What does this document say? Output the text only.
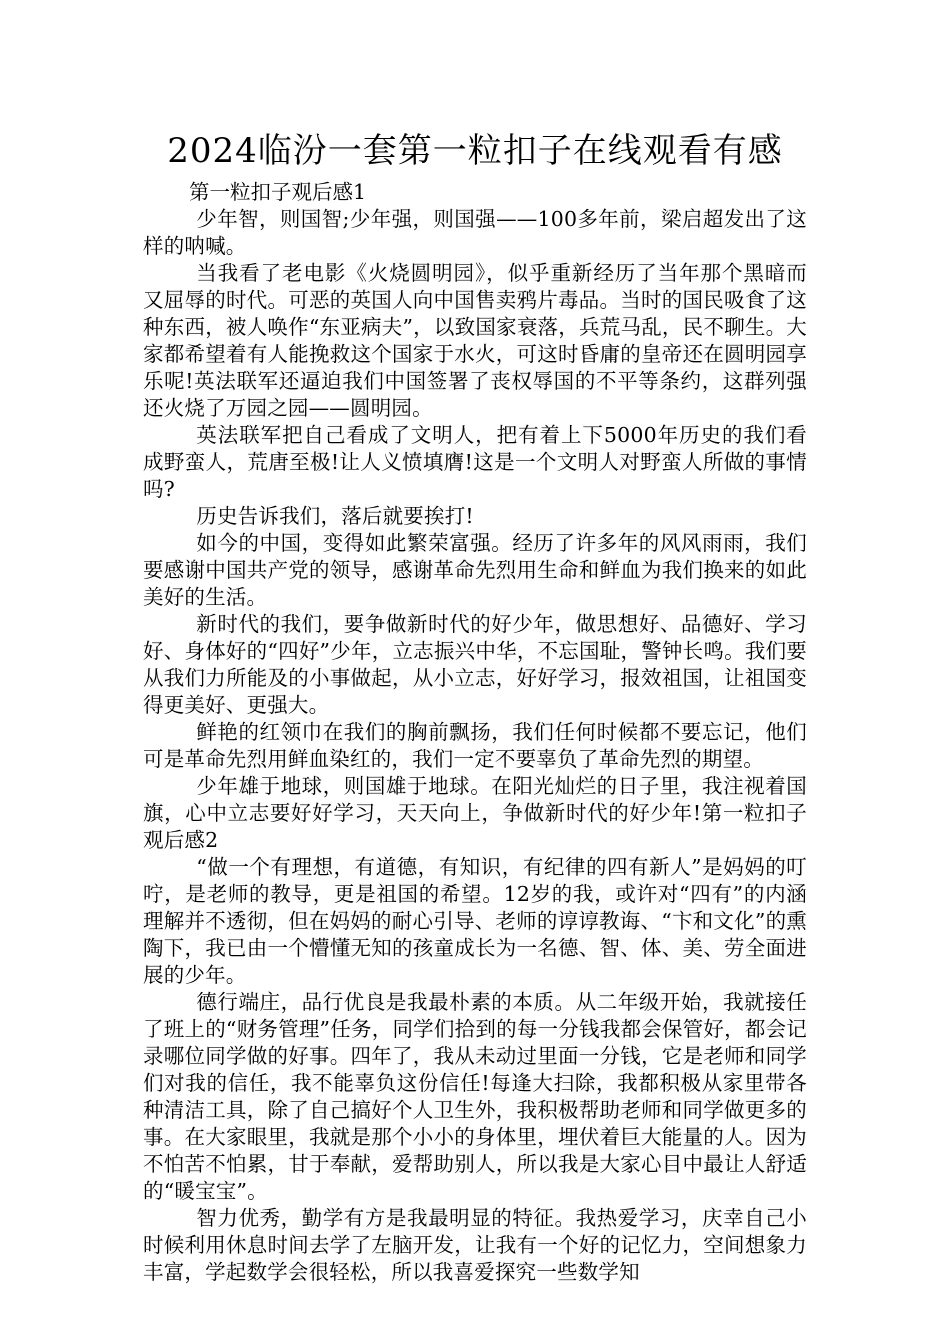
2024临汾一套第一粒扣子在线观看有感

第一粒扣子观后感1

少年智，则国智;少年强，则国强——100多年前，梁启超发出了这样的呐喊。

当我看了老电影《火烧圆明园》，似乎重新经历了当年那个黑暗而又屈辱的时代。可恶的英国人向中国售卖鸦片毒品。当时的国民吸食了这种东西，被人唤作“东亚病夫”，以致国家衰落，兵荒马乱，民不聊生。大家都希望着有人能挽救这个国家于水火，可这时昏庸的皇帝还在圆明园享乐呢!英法联军还逼迫我们中国签署了丧权辱国的不平等条约，这群列强还火烧了万园之园——圆明园。

英法联军把自己看成了文明人，把有着上下5000年历史的我们看成野蛮人，荒唐至极!让人义愤填膺!这是一个文明人对野蛮人所做的事情吗?

历史告诉我们，落后就要挨打!

如今的中国，变得如此繁荣富强。经历了许多年的风风雨雨，我们要感谢中国共产党的领导，感谢革命先烈用生命和鲜血为我们换来的如此美好的生活。

新时代的我们，要争做新时代的好少年，做思想好、品德好、学习好、身体好的“四好”少年，立志振兴中华，不忘国耻，警钟长鸣。我们要从我们力所能及的小事做起，从小立志，好好学习，报效祖国，让祖国变得更美好、更强大。

鲜艳的红领巾在我们的胸前飘扬，我们任何时候都不要忘记，他们可是革命先烈用鲜血染红的，我们一定不要辜负了革命先烈的期望。

少年雄于地球，则国雄于地球。在阳光灿烂的日子里，我注视着国旗，心中立志要好好学习，天天向上，争做新时代的好少年!第一粒扣子观后感2

“做一个有理想，有道德，有知识，有纪律的四有新人”是妈妈的叮咛，是老师的教导，更是祖国的希望。12岁的我，或许对“四有”的内涵理解并不透彻，但在妈妈的耐心引导、老师的谆谆教诲、“卞和文化”的熏陶下，我已由一个懵懂无知的孩童成长为一名德、智、体、美、劳全面进展的少年。

德行端庄，品行优良是我最朴素的本质。从二年级开始，我就接任了班上的“财务管理”任务，同学们拾到的每一分钱我都会保管好，都会记录哪位同学做的好事。四年了，我从未动过里面一分钱，它是老师和同学们对我的信任，我不能辜负这份信任!每逢大扫除，我都积极从家里带各种清洁工具，除了自己搞好个人卫生外，我积极帮助老师和同学做更多的事。在大家眼里，我就是那个小小的身体里，埋伏着巨大能量的人。因为不怕苦不怕累，甘于奉献，爱帮助别人，所以我是大家心目中最让人舒适的“暖宝宝”。

智力优秀，勤学有方是我最明显的特征。我热爱学习，庆幸自己小时候利用休息时间去学了左脑开发，让我有一个好的记忆力，空间想象力丰富，学起数学会很轻松，所以我喜爱探究一些数学知
